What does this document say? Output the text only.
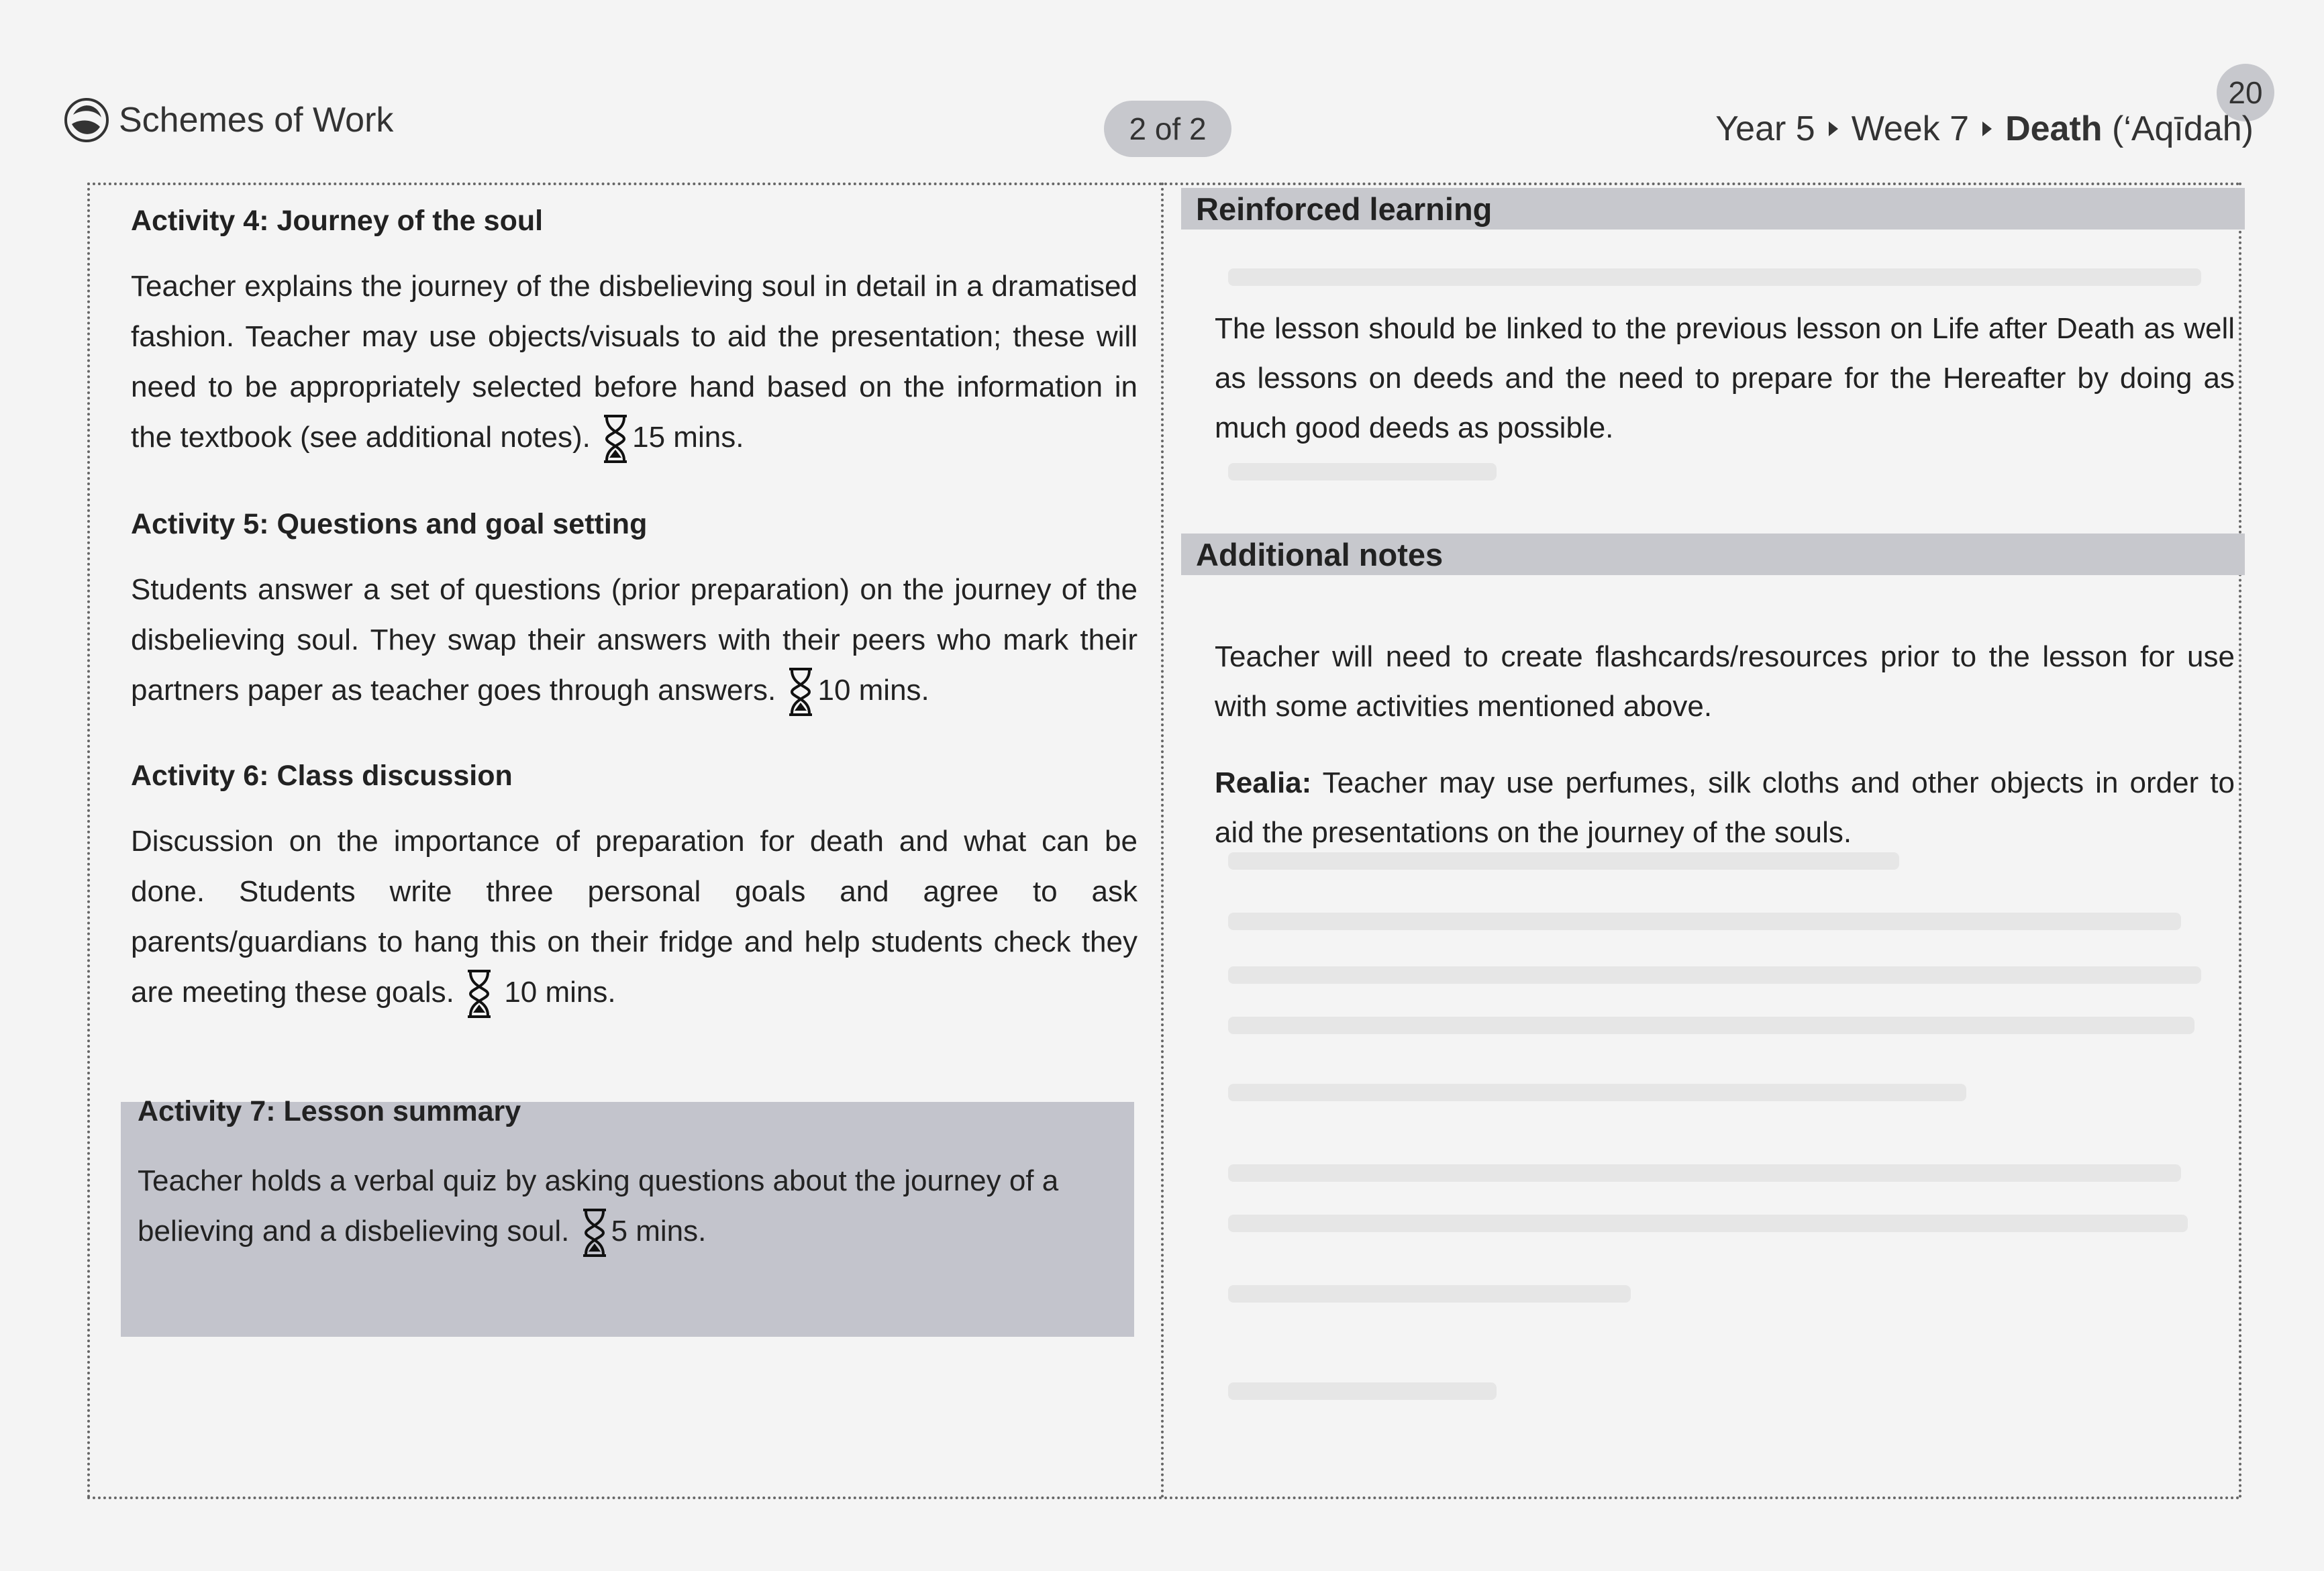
Schemes of Work	2 of 2
20
Year 5 Week 7 Death (‘Aqīdah)
Activity 4: Journey of the soul

Teacher explains the journey of the disbelieving soul in detail in a dramatised fashion. Teacher may use objects/visuals to aid the presentation; these will need to be appropriately selected before hand based on the information in the textbook (see additional notes). 15 mins.

Activity 5: Questions and goal setting

Students answer a set of questions (prior preparation) on the journey of the disbelieving soul. They swap their answers with their peers who mark their partners paper as teacher goes through answers. 10 mins.

Activity 6: Class discussion

Discussion on the importance of preparation for death and what can be done. Students write three personal goals and agree to ask parents/guardians to hang this on their fridge and help students check they are meeting these goals. 10 mins.

Activity 7: Lesson summary

Teacher holds a verbal quiz by asking questions about the journey of a believing and a disbelieving soul. 5 mins.

Reinforced learning

The lesson should be linked to the previous lesson on Life after Death as well as lessons on deeds and the need to prepare for the Hereafter by doing as much good deeds as possible.

Additional notes

Teacher will need to create flashcards/resources prior to the lesson for use with some activities mentioned above.

Realia: Teacher may use perfumes, silk cloths and other objects in order to aid the presentations on the journey of the souls.
